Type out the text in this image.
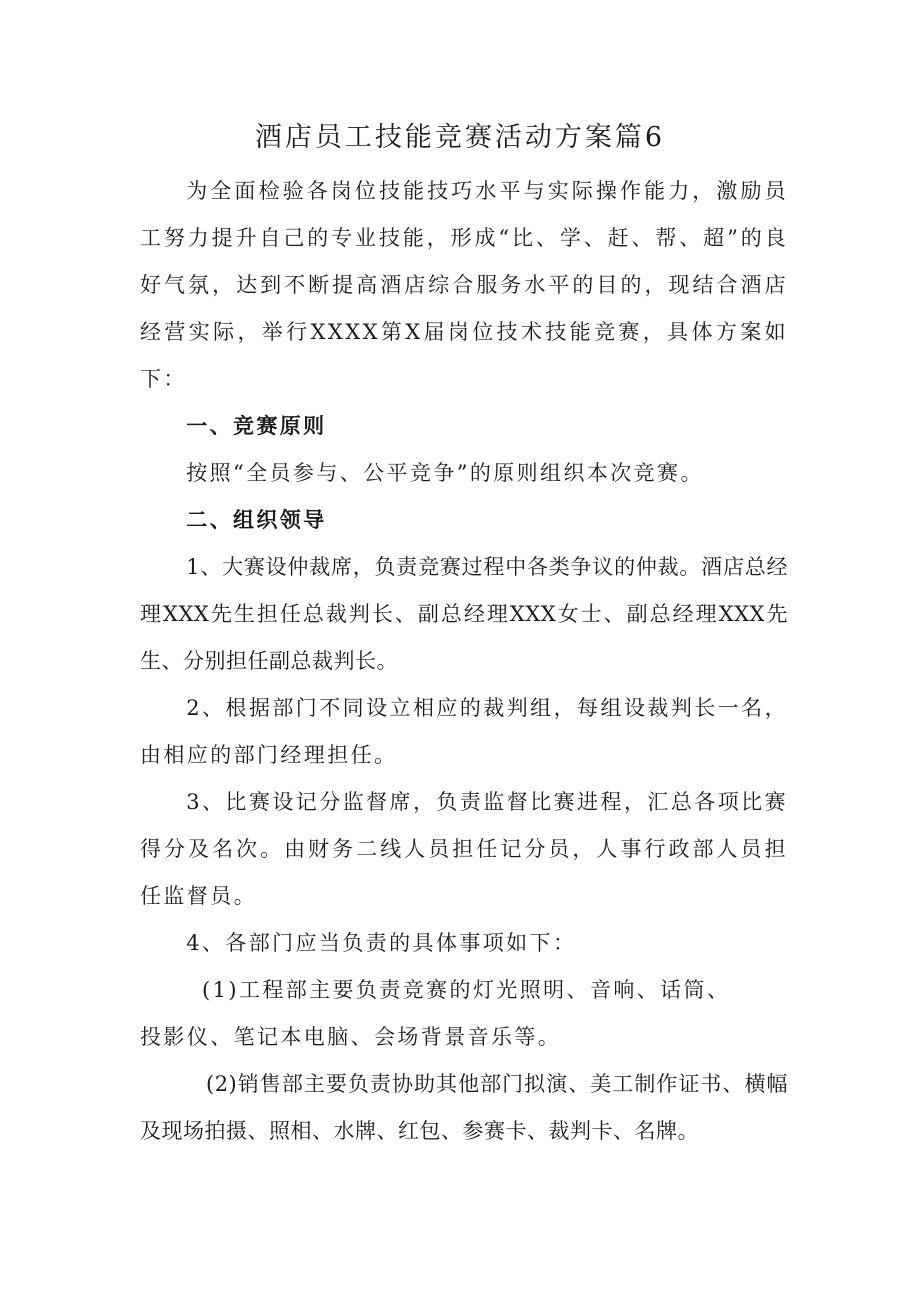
酒店员工技能竞赛活动方案篇6

为全面检验各岗位技能技巧水平与实际操作能力，激励员工努力提升自己的专业技能，形成“比、学、赶、帮、超”的良好气氛，达到不断提高酒店综合服务水平的目的，现结合酒店经营实际，举行XXXX第X届岗位技术技能竞赛，具体方案如下：

一、竞赛原则

按照“全员参与、公平竞争”的原则组织本次竞赛。

二、组织领导

1、大赛设仲裁席，负责竞赛过程中各类争议的仲裁。酒店总经理XXX先生担任总裁判长、副总经理XXX女士、副总经理XXX先生、分别担任副总裁判长。

2、根据部门不同设立相应的裁判组，每组设裁判长一名，由相应的部门经理担任。

3、比赛设记分监督席，负责监督比赛进程，汇总各项比赛得分及名次。由财务二线人员担任记分员，人事行政部人员担任监督员。

4、各部门应当负责的具体事项如下：

(1)工程部主要负责竞赛的灯光照明、音响、话筒、

投影仪、笔记本电脑、会场背景音乐等。

(2)销售部主要负责协助其他部门拟演、美工制作证书、横幅及现场拍摄、照相、水牌、红包、参赛卡、裁判卡、名牌。
